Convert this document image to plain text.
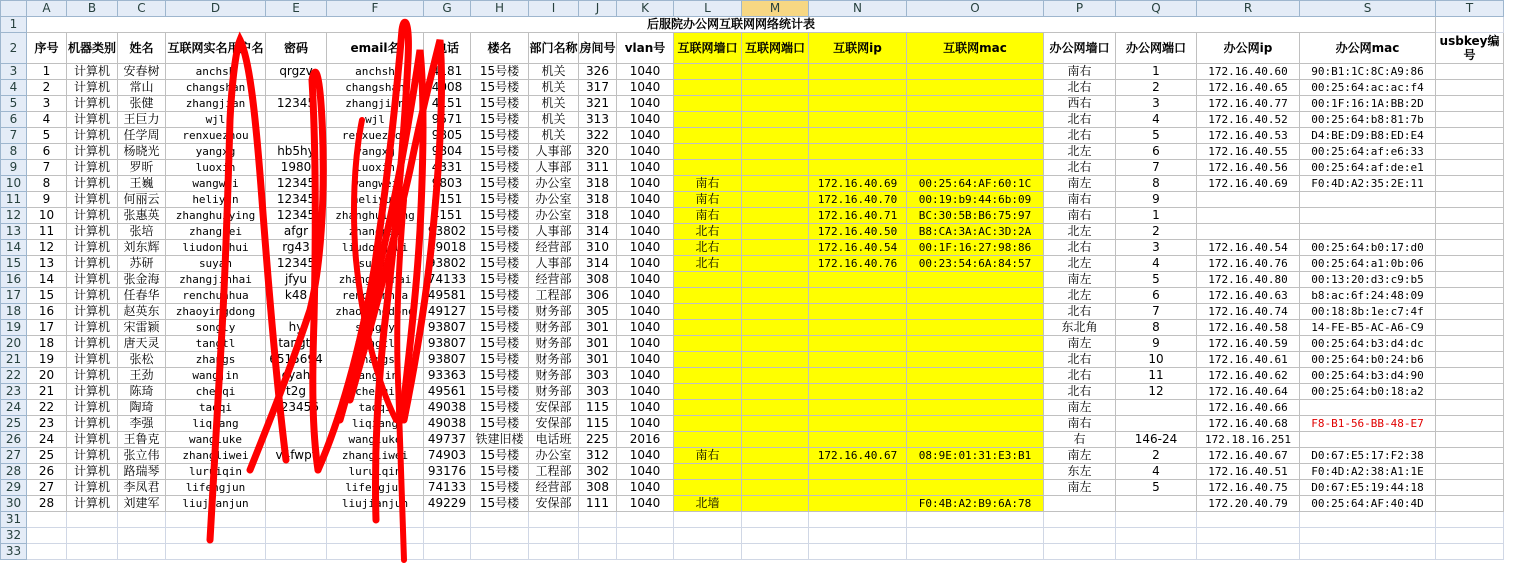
	A	B	C	D	E	F	G	H	I	J	K	L	M	N	O	P	Q	R	S	T
1	后服院办公网互联网网络统计表																			
2	序号	机器类别	姓名	互联网实名用户名	密码	email名	电话	楼名	部门名称	房间号	vlan号	互联网墙口	互联网端口	互联网ip	互联网mac	办公网墙口	办公网端口	办公网ip	办公网mac	usbkey编号
3	1	计算机	安春树	anchsh	qrgzv	anchsh	4181	15号楼	机关	326	1040					南右	1	172.16.40.60	90:B1:1C:8C:A9:86	
4	2	计算机	常山	changshan		changshan	4008	15号楼	机关	317	1040					北右	2	172.16.40.65	00:25:64:ac:ac:f4	
5	3	计算机	张健	zhangjian	12345	zhangjian	4151	15号楼	机关	321	1040					西右	3	172.16.40.77	00:1F:16:1A:BB:2D	
6	4	计算机	王巨力	wjl		wjl	9571	15号楼	机关	313	1040					北右	4	172.16.40.52	00:25:64:b8:81:7b	
7	5	计算机	任学周	renxuezhou		renxuezhou	9805	15号楼	机关	322	1040					北右	5	172.16.40.53	D4:BE:D9:B8:ED:E4	
8	6	计算机	杨晓光	yangxg	hb5hy	yangxg	9804	15号楼	人事部	320	1040					北左	6	172.16.40.55	00:25:64:af:e6:33	
9	7	计算机	罗昕	luoxin	1980	luoxin	4331	15号楼	人事部	311	1040					北右	7	172.16.40.56	00:25:64:af:de:e1	
10	8	计算机	王巍	wangwei	12345	wangwei	9803	15号楼	办公室	318	1040	南右		172.16.40.69	00:25:64:AF:60:1C	南左	8	172.16.40.69	F0:4D:A2:35:2E:11	
11	9	计算机	何丽云	heliyun	12345	heliyun	4151	15号楼	办公室	318	1040	南右		172.16.40.70	00:19:b9:44:6b:09	南右	9			
12	10	计算机	张惠英	zhanghuiying	12345	zhanghuiying	4151	15号楼	办公室	318	1040	南右		172.16.40.71	BC:30:5B:B6:75:97	南右	1			
13	11	计算机	张培	zhangpei	afgr	zhangpei	93802	15号楼	人事部	314	1040	北右		172.16.40.50	B8:CA:3A:AC:3D:2A	北左	2			
14	12	计算机	刘东辉	liudonghui	rg43	liudonghui	49018	15号楼	经营部	310	1040	北右		172.16.40.54	00:1F:16:27:98:86	北右	3	172.16.40.54	00:25:64:b0:17:d0	
15	13	计算机	苏研	suyan	12345	suyan	93802	15号楼	人事部	314	1040	北右		172.16.40.76	00:23:54:6A:84:57	北左	4	172.16.40.76	00:25:64:a1:0b:06	
16	14	计算机	张金海	zhangjinhai	jfyu	zhangjinhai	74133	15号楼	经营部	308	1040					南左	5	172.16.40.80	00:13:20:d3:c9:b5	
17	15	计算机	任春华	renchunhua	k48	renchunhua	49581	15号楼	工程部	306	1040					北左	6	172.16.40.63	b8:ac:6f:24:48:09	
18	16	计算机	赵英东	zhaoyingdong		zhaoyingdong	49127	15号楼	财务部	305	1040					北右	7	172.16.40.74	00:18:8b:1e:c7:4f	
19	17	计算机	宋雷颖	songly	hy	songly	93807	15号楼	财务部	301	1040					东北角	8	172.16.40.58	14-FE-B5-AC-A6-C9	
20	18	计算机	唐天灵	tangtl	tangtl	tangtl	93807	15号楼	财务部	301	1040					南左	9	172.16.40.59	00:25:64:b3:d4:dc	
21	19	计算机	张松	zhangs	6515694	zhangs	93807	15号楼	财务部	301	1040					北右	10	172.16.40.61	00:25:64:b0:24:b6	
22	20	计算机	王劲	wangjin	cyah	wangjin	93363	15号楼	财务部	303	1040					北右	11	172.16.40.62	00:25:64:b3:d4:90	
23	21	计算机	陈琦	chenqi	t2g	chenqi	49561	15号楼	财务部	303	1040					北右	12	172.16.40.64	00:25:64:b0:18:a2	
24	22	计算机	陶琦	taoqi	123456	taoqi	49038	15号楼	安保部	115	1040					南左		172.16.40.66		
25	23	计算机	李强	liqiang		liqiang	49038	15号楼	安保部	115	1040					南右		172.16.40.68	F8-B1-56-BB-48-E7	
26	24	计算机	王鲁克	wangluke		wangluke	49737	铁建旧楼	电话班	225	2016					右	146-24	172.18.16.251		
27	25	计算机	张立伟	zhangliwei	v4fwpt	zhangliwei	74903	15号楼	办公室	312	1040	南右		172.16.40.67	08:9E:01:31:E3:B1	南左	2	172.16.40.67	D0:67:E5:17:F2:38	
28	26	计算机	路瑞琴	luruiqin		luruiqin	93176	15号楼	工程部	302	1040					东左	4	172.16.40.51	F0:4D:A2:38:A1:1E	
29	27	计算机	李凤君	lifengjun		lifengjun	74133	15号楼	经营部	308	1040					南左	5	172.16.40.75	D0:67:E5:19:44:18	
30	28	计算机	刘建军	liujianjun		liujianjun	49229	15号楼	安保部	111	1040	北墙			F0:4B:A2:B9:6A:78			172.20.40.79	00:25:64:AF:40:4D	
31																				
32																				
33																				
